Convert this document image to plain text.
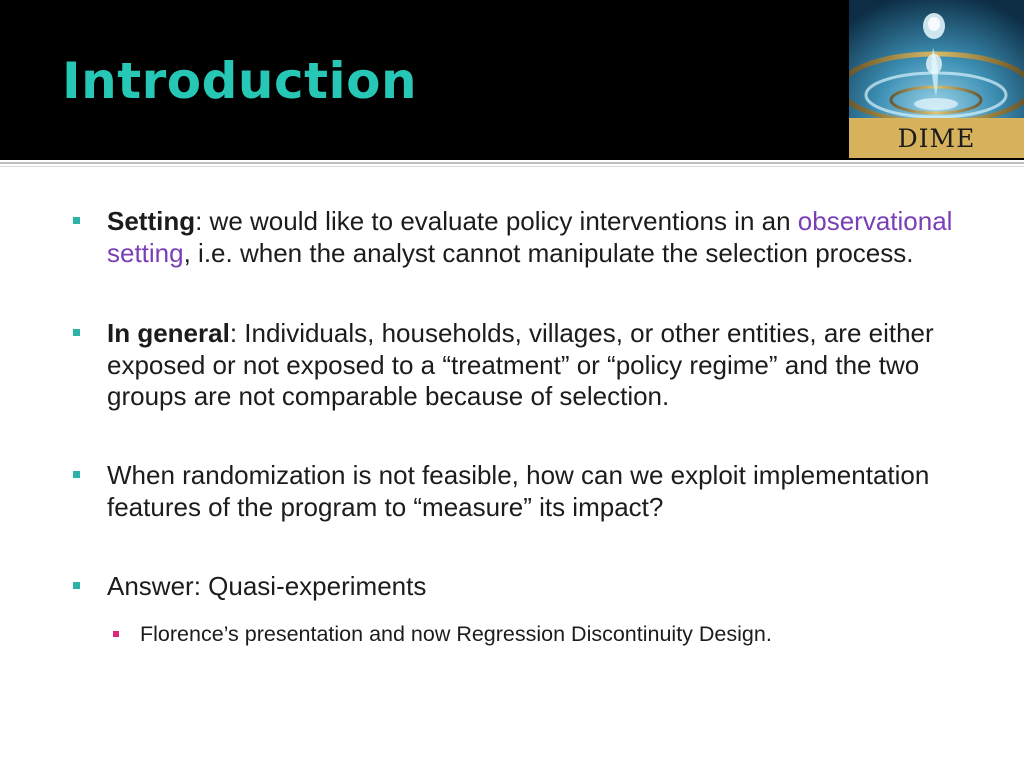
Introduction
DIME
Setting: we would like to evaluate policy interventions in an observational setting, i.e. when the analyst cannot manipulate the selection process.
In general: Individuals, households, villages, or other entities, are either exposed or not exposed to a “treatment” or “policy regime” and the two groups are not comparable because of selection.
When randomization is not feasible, how can we exploit implementation features of the program to “measure” its impact?
Answer: Quasi-experiments
Florence’s presentation and now Regression Discontinuity Design.
